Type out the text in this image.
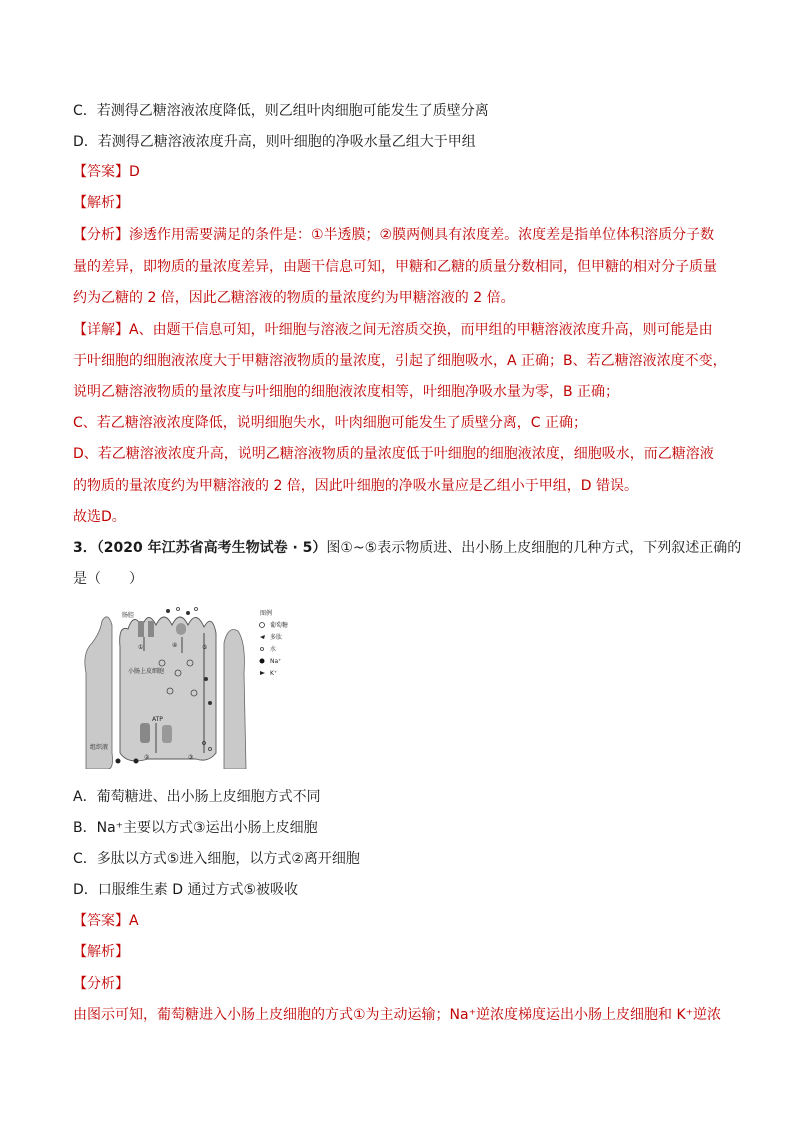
C．若测得乙糖溶液浓度降低，则乙组叶肉细胞可能发生了质壁分离
D．若测得乙糖溶液浓度升高，则叶细胞的净吸水量乙组大于甲组
【答案】D
【解析】
【分析】渗透作用需要满足的条件是：①半透膜；②膜两侧具有浓度差。浓度差是指单位体积溶质分子数
量的差异，即物质的量浓度差异，由题干信息可知，甲糖和乙糖的质量分数相同，但甲糖的相对分子质量
约为乙糖的 2 倍，因此乙糖溶液的物质的量浓度约为甲糖溶液的 2 倍。
【详解】A、由题干信息可知，叶细胞与溶液之间无溶质交换，而甲组的甲糖溶液浓度升高，则可能是由
于叶细胞的细胞液浓度大于甲糖溶液物质的量浓度，引起了细胞吸水，A 正确；B、若乙糖溶液浓度不变，
说明乙糖溶液物质的量浓度与叶细胞的细胞液浓度相等，叶细胞净吸水量为零，B 正确；
C、若乙糖溶液浓度降低，说明细胞失水，叶肉细胞可能发生了质壁分离，C 正确；
D、若乙糖溶液浓度升高，说明乙糖溶液物质的量浓度低于叶细胞的细胞液浓度，细胞吸水，而乙糖溶液
的物质的量浓度约为甲糖溶液的 2 倍，因此叶细胞的净吸水量应是乙组小于甲组，D 错误。
故选D。
3．（2020 年江苏省高考生物试卷 · 5）图①~⑤表示物质进、出小肠上皮细胞的几种方式，下列叙述正确的
是（　　）
肠腔
小肠上皮细胞
组织液
ATP
①
②	③
④	⑤
图例
葡萄糖
多肽
水
Na⁺
K⁺
A．葡萄糖进、出小肠上皮细胞方式不同
B．Na⁺主要以方式③运出小肠上皮细胞
C．多肽以方式⑤进入细胞，以方式②离开细胞
D．口服维生素 D 通过方式⑤被吸收
【答案】A
【解析】
【分析】
由图示可知，葡萄糖进入小肠上皮细胞的方式①为主动运输；Na⁺逆浓度梯度运出小肠上皮细胞和 K⁺逆浓
